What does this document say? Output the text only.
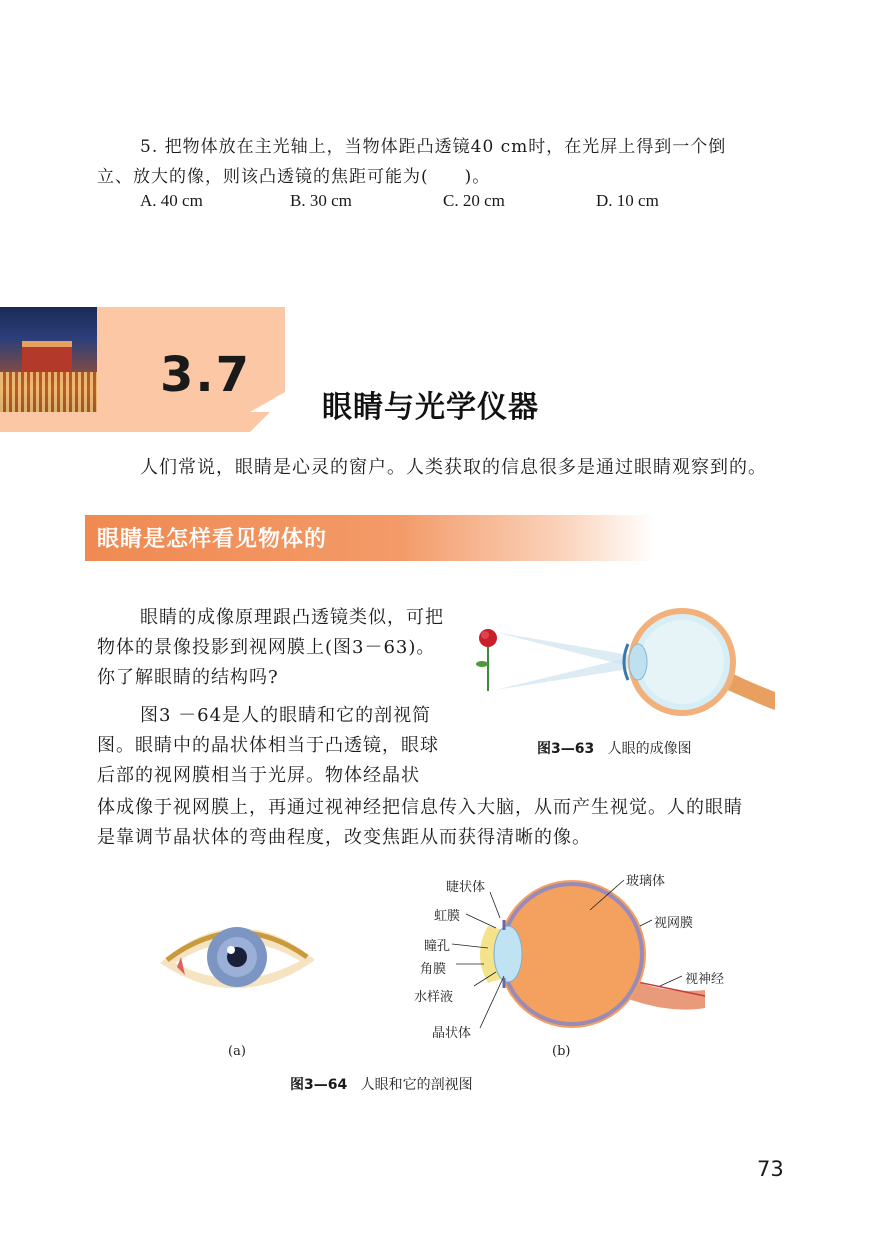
5. 把物体放在主光轴上，当物体距凸透镜40 cm时，在光屏上得到一个倒
立、放大的像，则该凸透镜的焦距可能为(　　)。
A. 40 cm	B. 30 cm	C. 20 cm	D. 10 cm
3.7
眼睛与光学仪器
人们常说，眼睛是心灵的窗户。人类获取的信息很多是通过眼睛观察到的。
眼睛是怎样看见物体的
眼睛的成像原理跟凸透镜类似，可把
物体的景像投影到视网膜上(图3－63)。
你了解眼睛的结构吗?
图3 －64是人的眼睛和它的剖视简
图。眼睛中的晶状体相当于凸透镜，眼球
后部的视网膜相当于光屏。物体经晶状
体成像于视网膜上，再通过视神经把信息传入大脑，从而产生视觉。人的眼睛
是靠调节晶状体的弯曲程度，改变焦距从而获得清晰的像。
图3—63 人眼的成像图
(a)
睫状体
虹膜
瞳孔
角膜
水样液
晶状体
玻璃体
视网膜
视神经
(b)
图3—64 人眼和它的剖视图
73
